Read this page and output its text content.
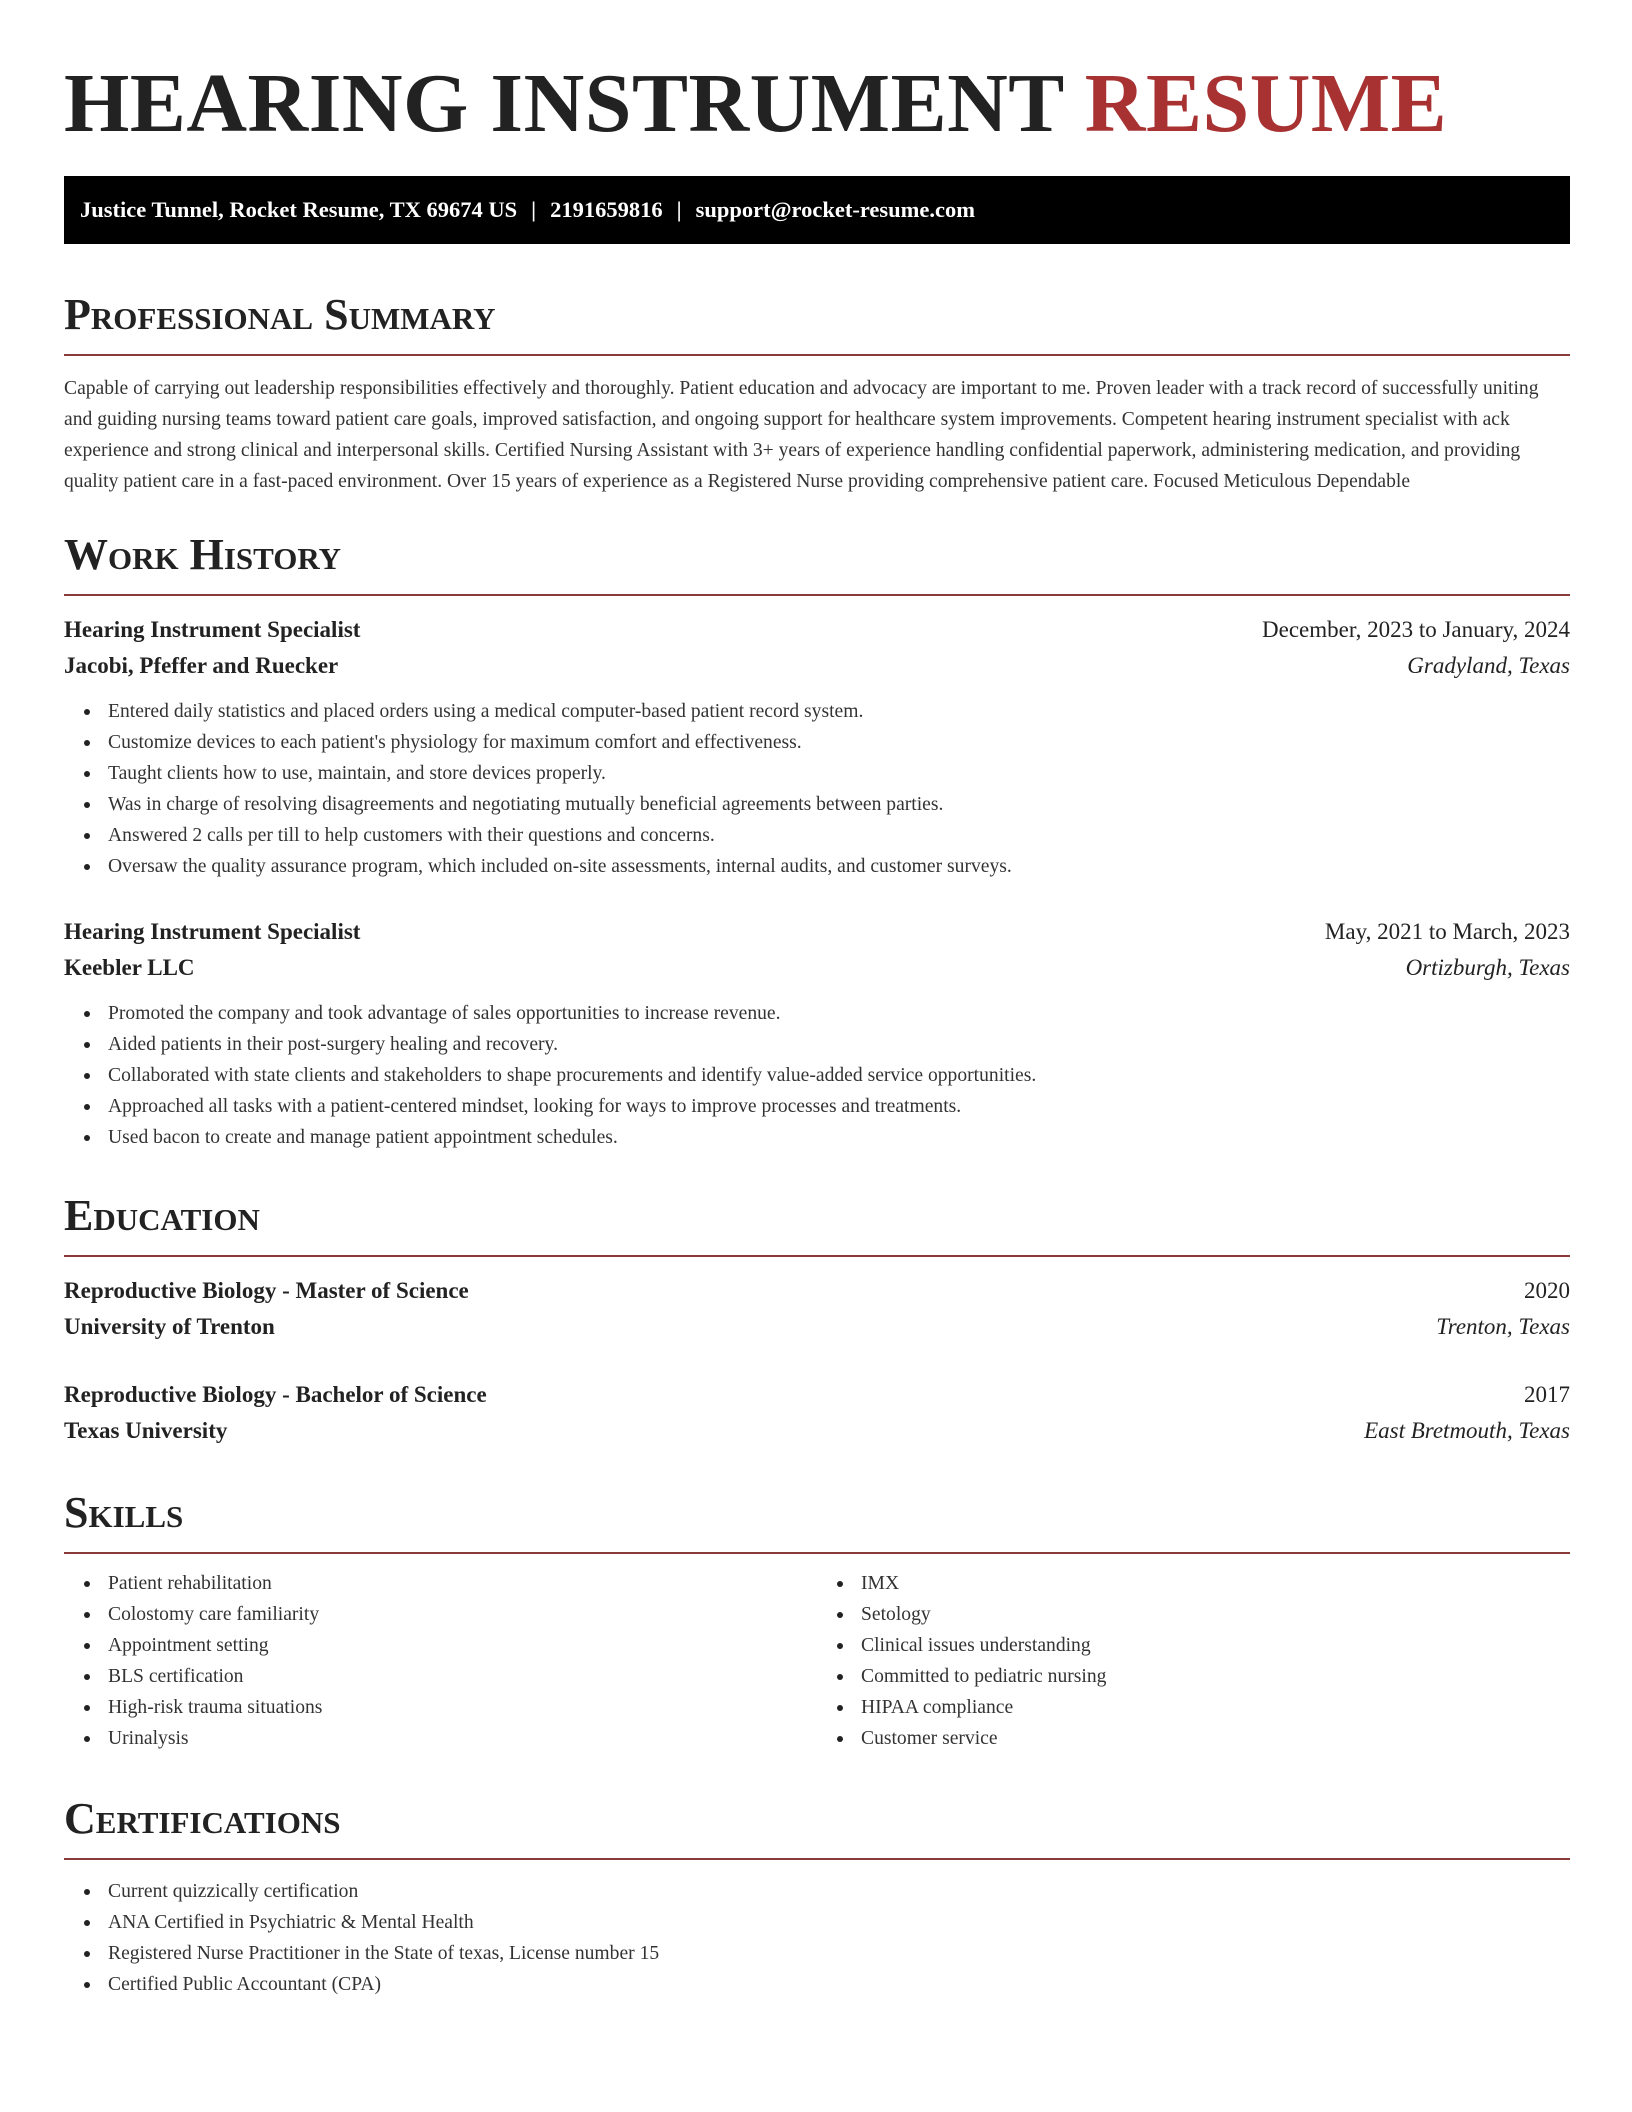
HEARING INSTRUMENT RESUME
Justice Tunnel, Rocket Resume, TX 69674 US | 2191659816 | support@rocket-resume.com
Professional Summary

Capable of carrying out leadership responsibilities effectively and thoroughly. Patient education and advocacy are important to me. Proven leader with a track record of successfully uniting and guiding nursing teams toward patient care goals, improved satisfaction, and ongoing support for healthcare system improvements. Competent hearing instrument specialist with ack experience and strong clinical and interpersonal skills. Certified Nursing Assistant with 3+ years of experience handling confidential paperwork, administering medication, and providing quality patient care in a fast-paced environment. Over 15 years of experience as a Registered Nurse providing comprehensive patient care. Focused Meticulous Dependable

Work History
Hearing Instrument Specialist	December, 2023 to January, 2024
Jacobi, Pfeffer and Ruecker	Gradyland, Texas
Entered daily statistics and placed orders using a medical computer-based patient record system.
Customize devices to each patient's physiology for maximum comfort and effectiveness.
Taught clients how to use, maintain, and store devices properly.
Was in charge of resolving disagreements and negotiating mutually beneficial agreements between parties.
Answered 2 calls per till to help customers with their questions and concerns.
Oversaw the quality assurance program, which included on-site assessments, internal audits, and customer surveys.
Hearing Instrument Specialist	May, 2021 to March, 2023
Keebler LLC	Ortizburgh, Texas
Promoted the company and took advantage of sales opportunities to increase revenue.
Aided patients in their post-surgery healing and recovery.
Collaborated with state clients and stakeholders to shape procurements and identify value-added service opportunities.
Approached all tasks with a patient-centered mindset, looking for ways to improve processes and treatments.
Used bacon to create and manage patient appointment schedules.
Education
Reproductive Biology - Master of Science	2020
University of Trenton	Trenton, Texas
Reproductive Biology - Bachelor of Science	2017
Texas University	East Bretmouth, Texas
Skills
Patient rehabilitation
Colostomy care familiarity
Appointment setting
BLS certification
High-risk trauma situations
Urinalysis
IMX
Setology
Clinical issues understanding
Committed to pediatric nursing
HIPAA compliance
Customer service
Certifications
Current quizzically certification
ANA Certified in Psychiatric & Mental Health
Registered Nurse Practitioner in the State of texas, License number 15
Certified Public Accountant (CPA)
